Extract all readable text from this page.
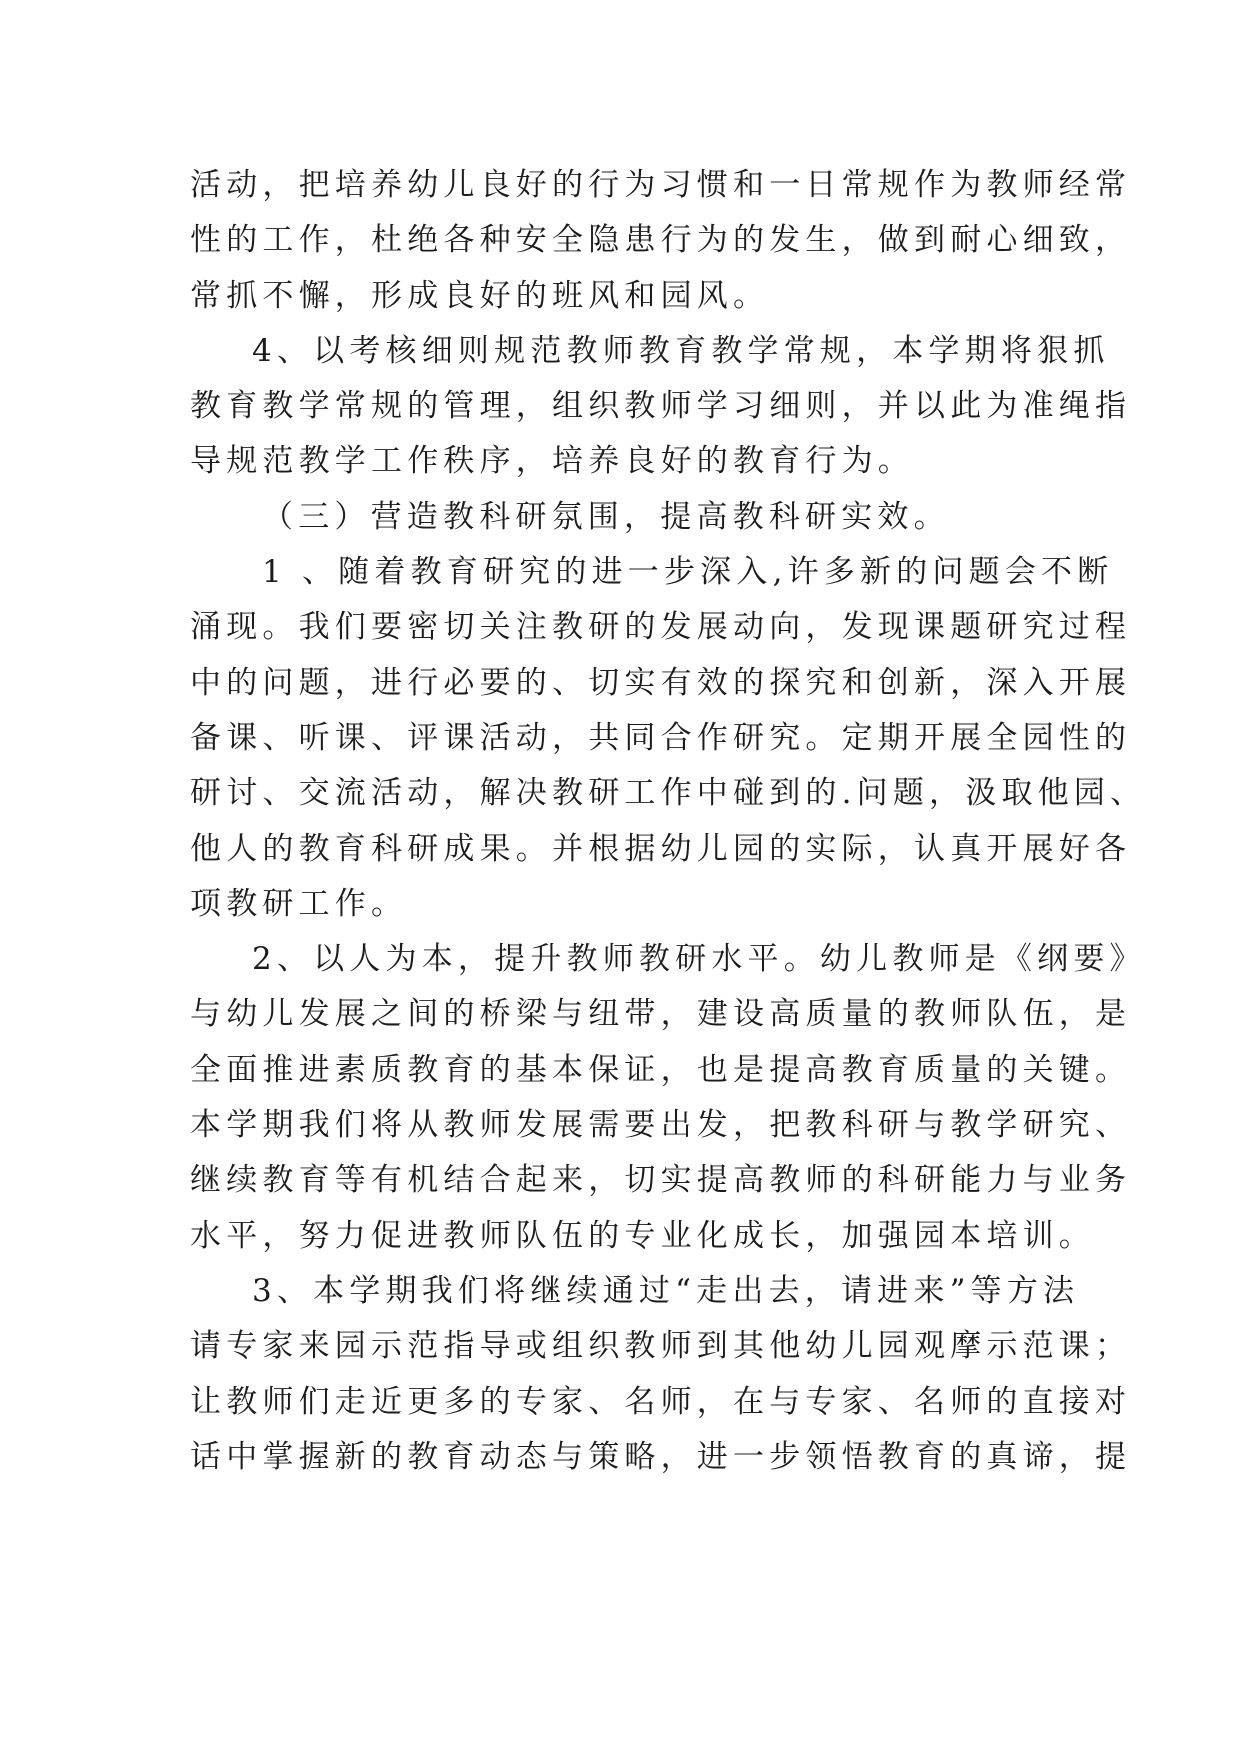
活动，把培养幼儿良好的行为习惯和一日常规作为教师经常
性的工作，杜绝各种安全隐患行为的发生，做到耐心细致，
常抓不懈，形成良好的班风和园风。
4、以考核细则规范教师教育教学常规，本学期将狠抓
教育教学常规的管理，组织教师学习细则，并以此为准绳指
导规范教学工作秩序，培养良好的教育行为。
（三）营造教科研氛围，提高教科研实效。
1 、随着教育研究的进一步深入,许多新的问题会不断
涌现。我们要密切关注教研的发展动向，发现课题研究过程
中的问题，进行必要的、切实有效的探究和创新，深入开展
备课、听课、评课活动，共同合作研究。定期开展全园性的
研讨、交流活动，解决教研工作中碰到的.问题，汲取他园、
他人的教育科研成果。并根据幼儿园的实际，认真开展好各
项教研工作。
2、以人为本，提升教师教研水平。幼儿教师是《纲要》
与幼儿发展之间的桥梁与纽带，建设高质量的教师队伍，是
全面推进素质教育的基本保证，也是提高教育质量的关键。
本学期我们将从教师发展需要出发，把教科研与教学研究、
继续教育等有机结合起来，切实提高教师的科研能力与业务
水平，努力促进教师队伍的专业化成长，加强园本培训。
3、本学期我们将继续通过“走出去，请进来”等方法
请专家来园示范指导或组织教师到其他幼儿园观摩示范课；
让教师们走近更多的专家、名师，在与专家、名师的直接对
话中掌握新的教育动态与策略，进一步领悟教育的真谛，提
